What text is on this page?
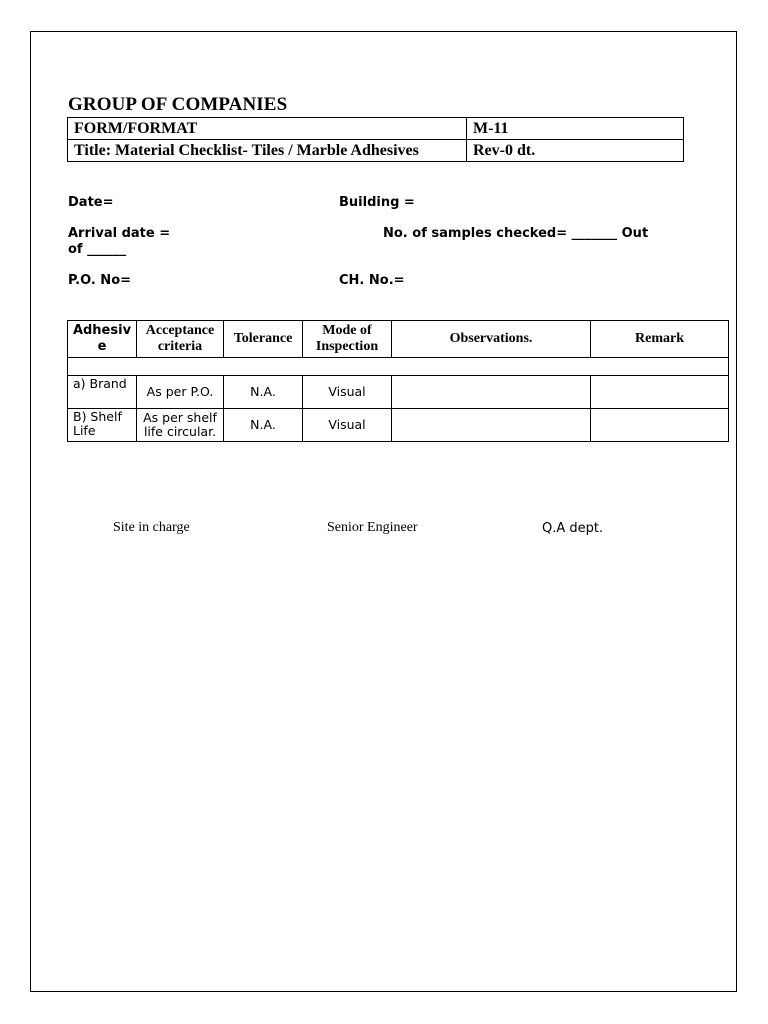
GROUP OF COMPANIES
FORM/FORMAT	M-11
Title: Material Checklist- Tiles / Marble Adhesives	Rev-0 dt.
Date=	Building =
Arrival date =	No. of samples checked= _______ Out
of ______
P.O. No=	CH. No.=
Adhesiv e	Acceptance criteria	Tolerance	Mode of Inspection	Observations.	Remark

a) Brand	As per P.O.	N.A.	Visual		
B) Shelf Life	As per shelf life circular.	N.A.	Visual		
Site in charge	Senior Engineer	Q.A dept.
